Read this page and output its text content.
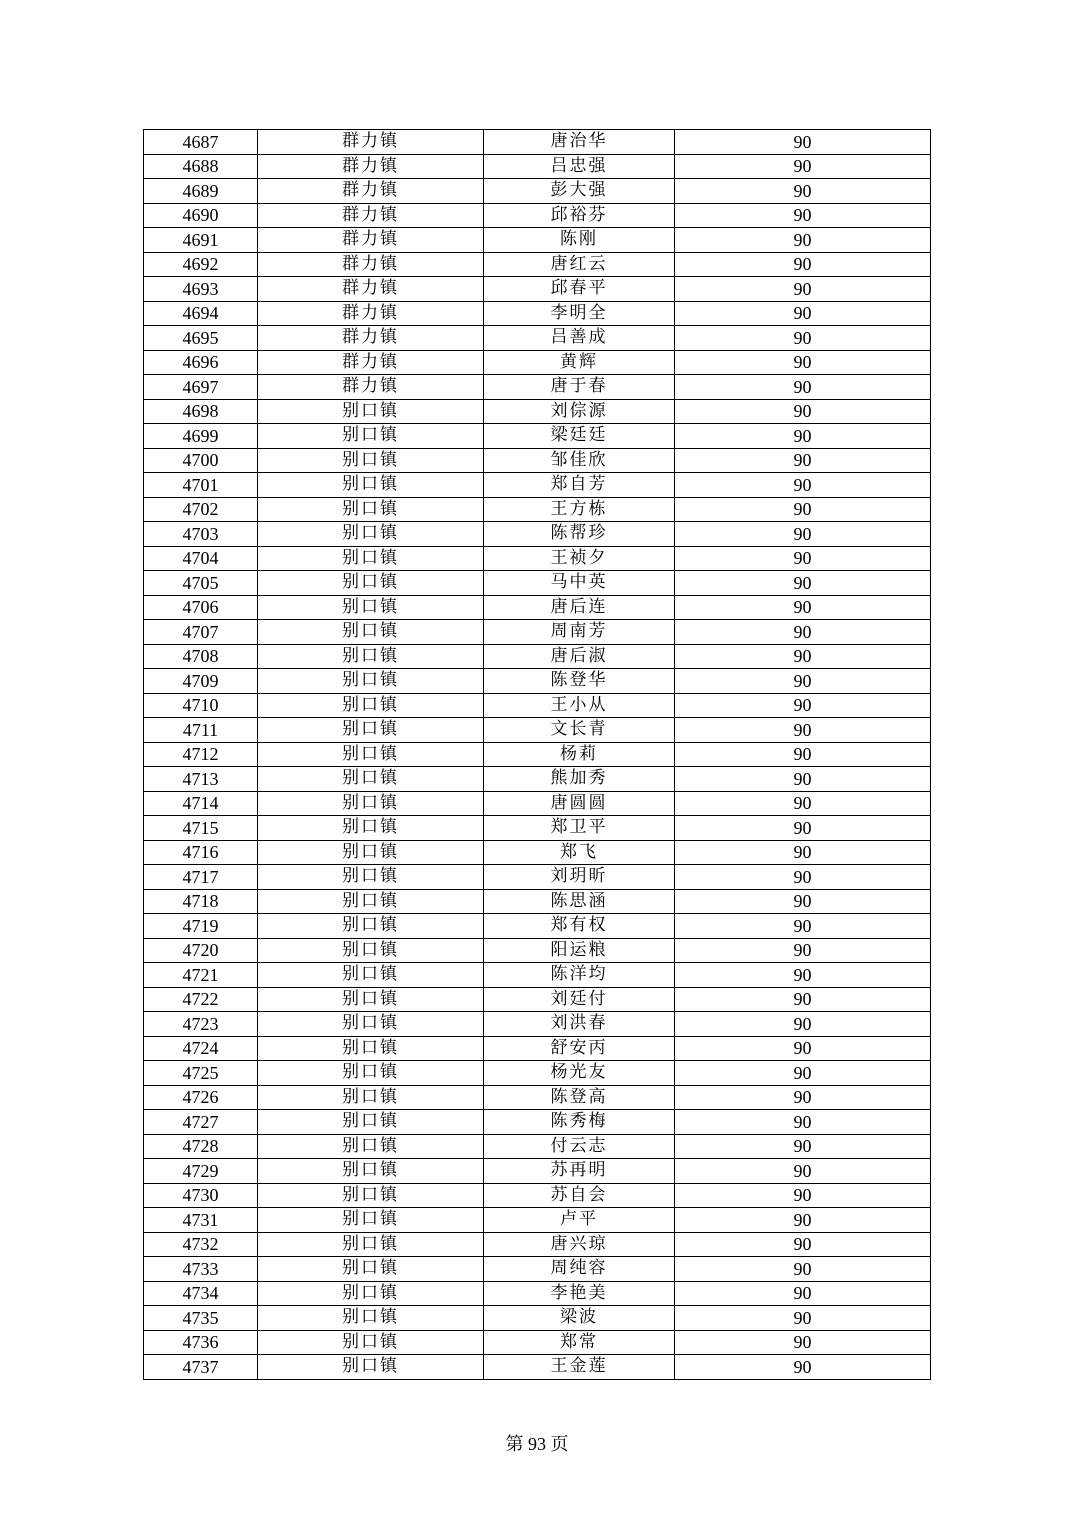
4687	群力镇	唐治华	90
4688	群力镇	吕忠强	90
4689	群力镇	彭大强	90
4690	群力镇	邱裕芬	90
4691	群力镇	陈刚	90
4692	群力镇	唐红云	90
4693	群力镇	邱春平	90
4694	群力镇	李明全	90
4695	群力镇	吕善成	90
4696	群力镇	黄辉	90
4697	群力镇	唐于春	90
4698	别口镇	刘倧源	90
4699	别口镇	梁廷廷	90
4700	别口镇	邹佳欣	90
4701	别口镇	郑自芳	90
4702	别口镇	王方栋	90
4703	别口镇	陈帮珍	90
4704	别口镇	王祯夕	90
4705	别口镇	马中英	90
4706	别口镇	唐后连	90
4707	别口镇	周南芳	90
4708	别口镇	唐后淑	90
4709	别口镇	陈登华	90
4710	别口镇	王小从	90
4711	别口镇	文长青	90
4712	别口镇	杨莉	90
4713	别口镇	熊加秀	90
4714	别口镇	唐圆圆	90
4715	别口镇	郑卫平	90
4716	别口镇	郑飞	90
4717	别口镇	刘玥昕	90
4718	别口镇	陈思涵	90
4719	别口镇	郑有权	90
4720	别口镇	阳运粮	90
4721	别口镇	陈洋均	90
4722	别口镇	刘廷付	90
4723	别口镇	刘洪春	90
4724	别口镇	舒安丙	90
4725	别口镇	杨光友	90
4726	别口镇	陈登高	90
4727	别口镇	陈秀梅	90
4728	别口镇	付云志	90
4729	别口镇	苏再明	90
4730	别口镇	苏自会	90
4731	别口镇	卢平	90
4732	别口镇	唐兴琼	90
4733	别口镇	周纯容	90
4734	别口镇	李艳美	90
4735	别口镇	梁波	90
4736	别口镇	郑常	90
4737	别口镇	王金莲	90
第 93 页
